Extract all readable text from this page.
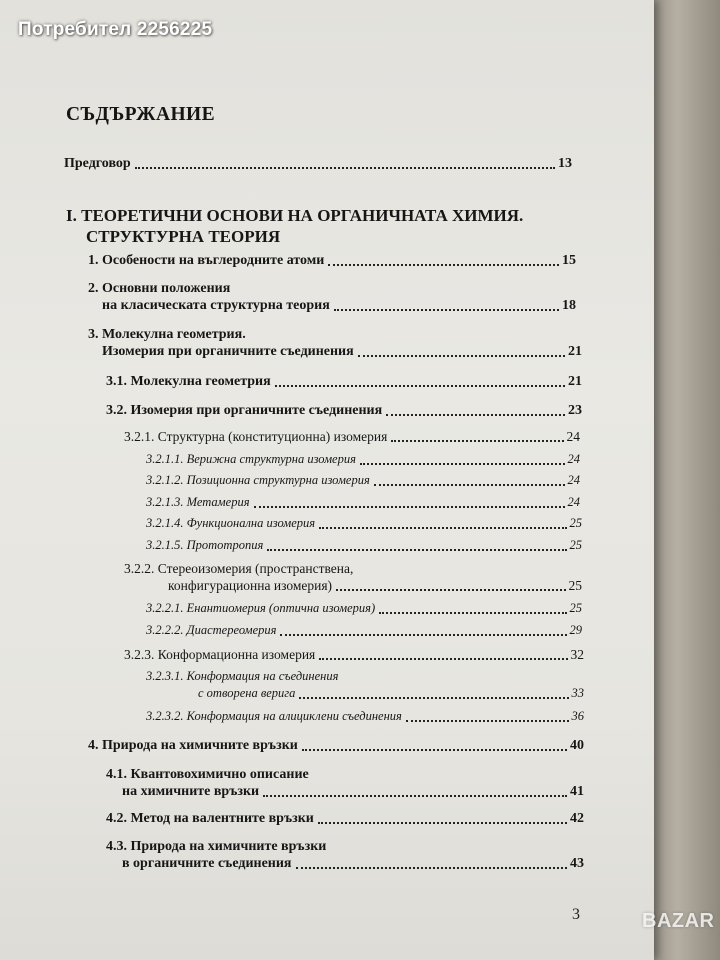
СЪДЪРЖАНИЕ
Предговор	13
I. ТЕОРЕТИЧНИ ОСНОВИ НА ОРГАНИЧНАТА ХИМИЯ.
СТРУКТУРНА ТЕОРИЯ
1. Особености на въглеродните атоми	15
2. Основни положения
на класическата структурна теория	18
3. Молекулна геометрия.
Изомерия при органичните съединения	21
3.1. Молекулна геометрия	21
3.2. Изомерия при органичните съединения	23
3.2.1. Структурна (конституционна) изомерия	24
3.2.1.1. Верижна структурна изомерия	24
3.2.1.2. Позиционна структурна изомерия	24
3.2.1.3. Метамерия	24
3.2.1.4. Функционална изомерия	25
3.2.1.5. Прототропия	25
3.2.2. Стереоизомерия (пространствена,
конфигурационна изомерия)	25
3.2.2.1. Енантиомерия (оптична изомерия)	25
3.2.2.2. Диастереомерия	29
3.2.3. Конформационна изомерия	32
3.2.3.1. Конформация на съединения
с отворена верига	33
3.2.3.2. Конформация на алициклени съединения	36
4. Природа на химичните връзки	40
4.1. Квантовохимично описание
на химичните връзки	41
4.2. Метод на валентните връзки	42
4.3. Природа на химичните връзки
в органичните съединения	43
3
Потребител 2256225
BAZAR
